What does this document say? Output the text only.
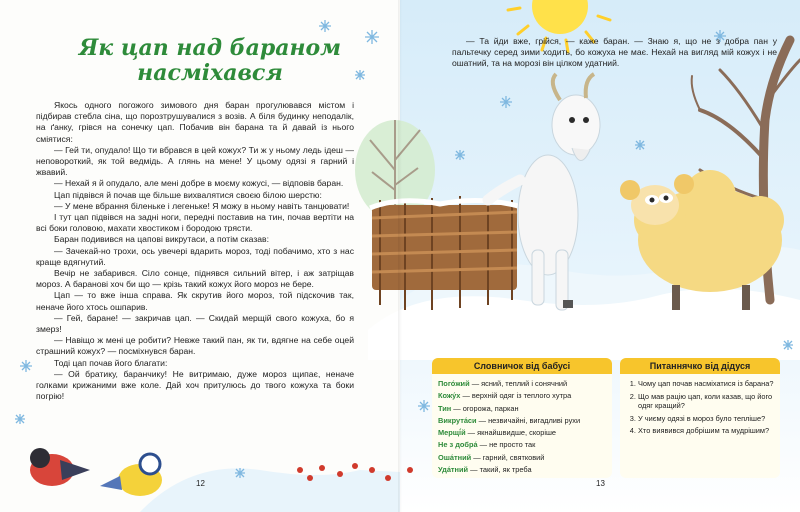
Як цап над бараном
насміхався

Якось одного погожого зимового дня баран прогулювався містом і підбирав стебла сіна, що порозтрушувалися з возів. А біля будинку неподалік, на ґанку, грівся на сонечку цап. Побачив він барана та й давай із нього сміятися:

— Гей ти, опудало! Що ти вбрався в цей кожух? Ти ж у ньому ледь ідеш — неповороткий, як той ведмідь. А глянь на мене! У цьому одязі я гарний і жвавий.

— Нехай я й опудало, але мені добре в моєму кожусі, — відповів баран.

Цап підвівся й почав ще більше вихвалятися своєю білою шерстю:

— У мене вбрання біленьке і легеньке! Я можу в ньому навіть танцювати!

І тут цап підвівся на задні ноги, передні поставив на тин, почав вертіти на всі боки головою, махати хвостиком і бородою трясти.

Баран подивився на цапові викрутаси, а потім сказав:

— Зачекай-но трохи, ось увечері вдарить мороз, тоді побачимо, хто з нас краще вдягнутий.

Вечір не забарився. Сіло сонце, піднявся сильний вітер, і аж затріщав мороз. А баранові хоч би що — крізь такий кожух його мороз не бере.

Цап — то вже інша справа. Як скрутив його мороз, той підскочив так, неначе його хтось ошпарив.

— Гей, баране! — закричав цап. — Скидай мерщій свого кожуха, бо я змерз!

— Навіщо ж мені це робити? Невже такий пан, як ти, вдягне на себе оцей страшний кожух? — посміхнувся баран.

Тоді цап почав його благати:

— Ой братику, баранчику! Не витримаю, дуже мороз щипає, неначе голками крижаними вже коле. Дай хоч притулюсь до твого кожуха та боки погрію!

12

— Та йди вже, грійся, — каже баран. — Знаю я, що не з добра пан у пальтечку серед зими ходить, бо кожуха не має. Нехай на вигляд мій кожух і не ошатний, та на морозі він цілком удатний.

Словничок від бабусі
Пого́жий — ясний, теплий і сонячний
Кожу́х — верхній одяг із теплого хутра
Тин — огорожа, паркан
Викрута́си — незвичайні, вигадливі рухи
Мерщі́й — якнайшвидше, скоріше
Не з добра́ — не просто так
Оша́тний — гарний, святковий
Уда́тний — такий, як треба
Питаннячко від дідуся
1. Чому цап почав насміхатися із барана?
2. Що мав рацію цап, коли казав, що його одяг кращий?
3. У чиєму одязі в мороз було тепліше?
4. Хто виявився добрішим та мудрішим?
13
